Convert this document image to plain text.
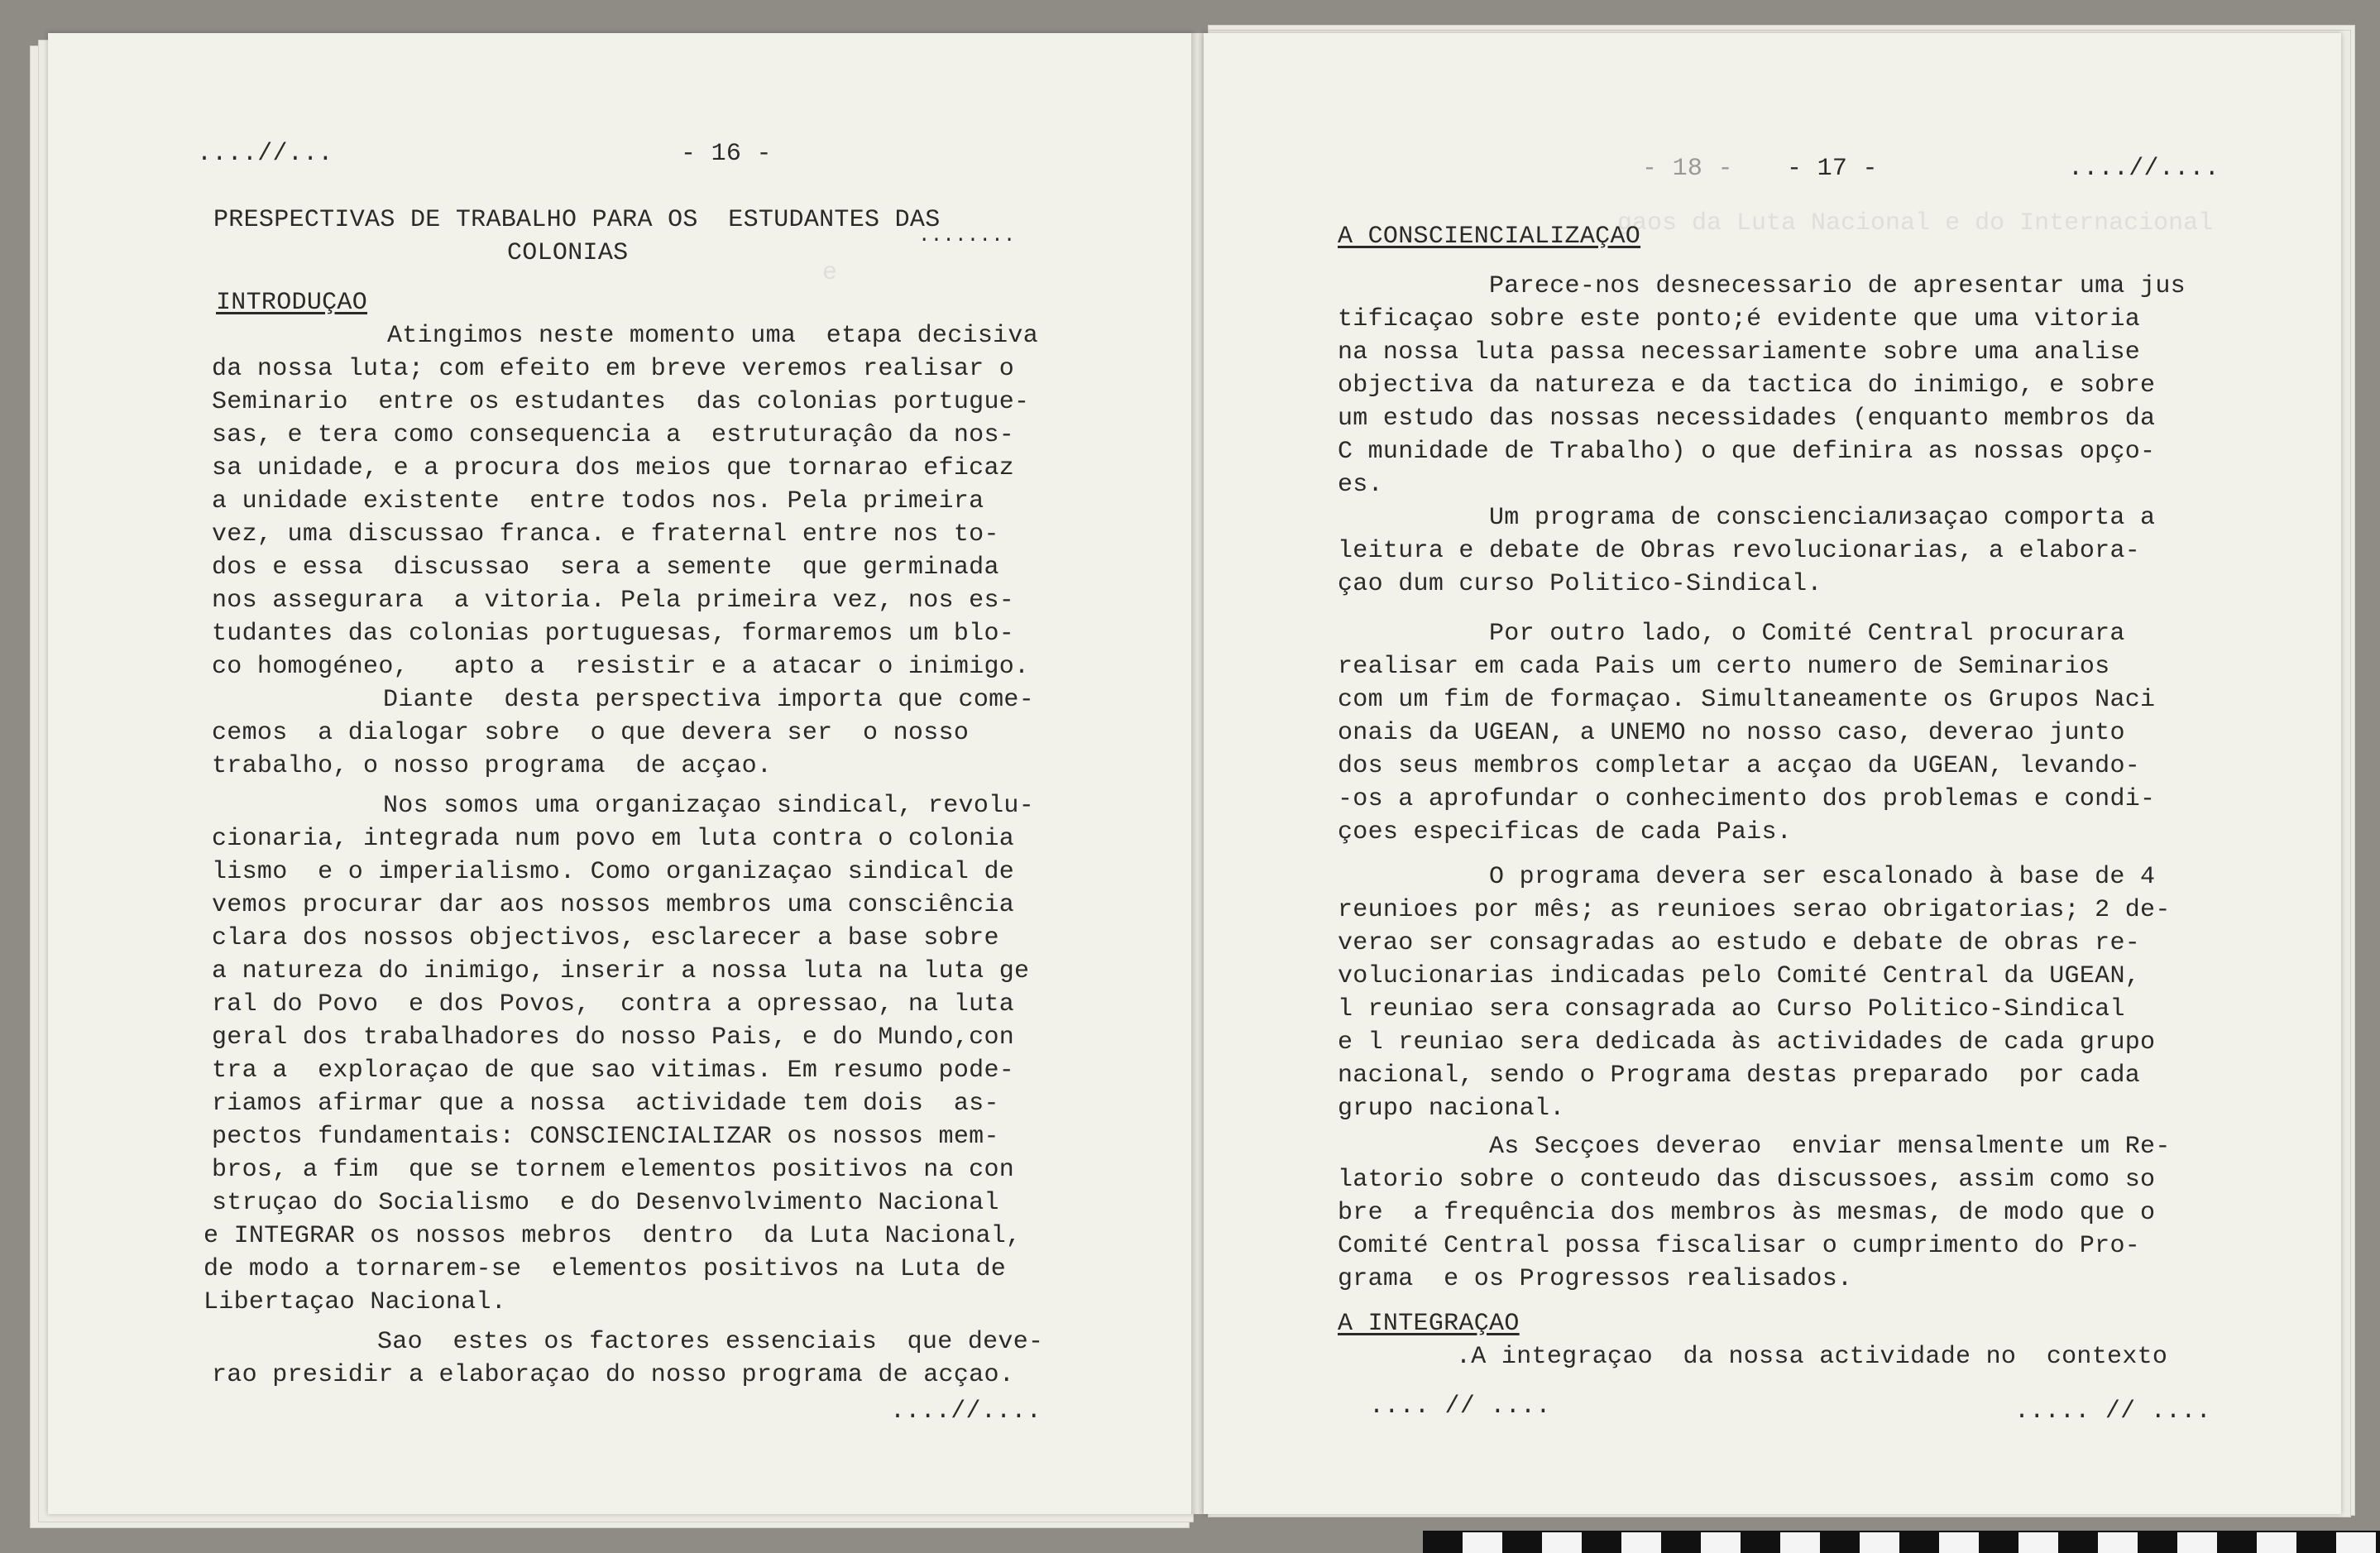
e
....//...	- 16 -
PRESPECTIVAS DE TRABALHO PARA OS  ESTUDANTES DAS
........
COLONIAS
INTRODUÇAO
Atingimos neste momento uma  etapa decisiva
da nossa luta; com efeito em breve veremos realisar o
Seminario  entre os estudantes  das colonias portugue-
sas, e tera como consequencia a  estruturaçâo da nos-
sa unidade, e a procura dos meios que tornarao eficaz
a unidade existente  entre todos nos. Pela primeira
vez, uma discussao franca. e fraternal entre nos to-
dos e essa  discussao  sera a semente  que germinada
nos assegurara  a vitoria. Pela primeira vez, nos es-
tudantes das colonias portuguesas, formaremos um blo-
co homogéneo,   apto a  resistir e a atacar o inimigo.
Diante  desta perspectiva importa que come-
cemos  a dialogar sobre  o que devera ser  o nosso
trabalho, o nosso programa  de acçao.
Nos somos uma organizaçao sindical, revolu-
cionaria, integrada num povo em luta contra o colonia
lismo  e o imperialismo. Como organizaçao sindical de
vemos procurar dar aos nossos membros uma consciência
clara dos nossos objectivos, esclarecer a base sobre
a natureza do inimigo, inserir a nossa luta na luta ge
ral do Povo  e dos Povos,  contra a opressao, na luta
geral dos trabalhadores do nosso Pais, e do Mundo,con
tra a  exploraçao de que sao vitimas. Em resumo pode-
riamos afirmar que a nossa  actividade tem dois  as-
pectos fundamentais: CONSCIENCIALIZAR os nossos mem-
bros, a fim  que se tornem elementos positivos na con
struçao do Socialismo  e do Desenvolvimento Nacional
e INTEGRAR os nossos mebros  dentro  da Luta Nacional,
de modo a tornarem-se  elementos positivos na Luta de
Libertaçao Nacional.
Sao  estes os factores essenciais  que deve-
rao presidir a elaboraçao do nosso programa de acçao.
....//....
gaos da Luta Nacional e do Internacional
- 18 - - 17 -	....//....
A CONSCIENCIALIZAÇAO
Parece-nos desnecessario de apresentar uma jus
tificaçao sobre este ponto;é evidente que uma vitoria
na nossa luta passa necessariamente sobre uma analise
objectiva da natureza e da tactica do inimigo, e sobre
um estudo das nossas necessidades (enquanto membros da
C munidade de Trabalho) o que definira as nossas opço-
es.
Um programa de conscienciализaçao comporta a
leitura e debate de Obras revolucionarias, a elabora-
çao dum curso Politico-Sindical.
Por outro lado, o Comité Central procurara
realisar em cada Pais um certo numero de Seminarios
com um fim de formaçao. Simultaneamente os Grupos Naci
onais da UGEAN, a UNEMO no nosso caso, deverao junto
dos seus membros completar a acçao da UGEAN, levando-
-os a aprofundar o conhecimento dos problemas e condi-
çoes especificas de cada Pais.
O programa devera ser escalonado à base de 4
reunioes por mês; as reunioes serao obrigatorias; 2 de-
verao ser consagradas ao estudo e debate de obras re-
volucionarias indicadas pelo Comité Central da UGEAN,
l reuniao sera consagrada ao Curso Politico-Sindical
e l reuniao sera dedicada às actividades de cada grupo
nacional, sendo o Programa destas preparado  por cada
grupo nacional.
As Secçoes deverao  enviar mensalmente um Re-
latorio sobre o conteudo das discussoes, assim como so
bre  a frequência dos membros às mesmas, de modo que o
Comité Central possa fiscalisar o cumprimento do Pro-
grama  e os Progressos realisados.
A INTEGRAÇAO
.A integraçao  da nossa actividade no  contexto
.... // ....	..... // ....
